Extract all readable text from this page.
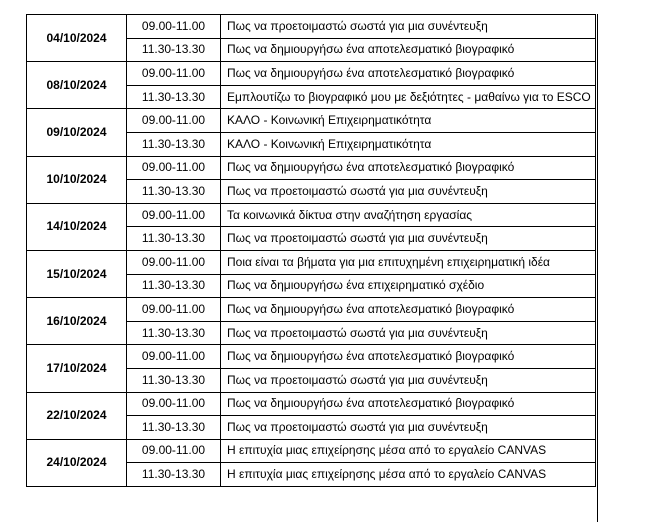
04/10/2024	09.00-11.00	Πως να προετοιμαστώ σωστά για μια συνέντευξη
	11.30-13.30	Πως να δημιουργήσω ένα αποτελεσματικό βιογραφικό
08/10/2024	09.00-11.00	Πως να δημιουργήσω ένα αποτελεσματικό βιογραφικό
	11.30-13.30	Εμπλουτίζω το βιογραφικό μου με δεξιότητες - μαθαίνω για το ESCO
09/10/2024	09.00-11.00	ΚΑΛΟ - Κοινωνική Επιχειρηματικότητα
	11.30-13.30	ΚΑΛΟ - Κοινωνική Επιχειρηματικότητα
10/10/2024	09.00-11.00	Πως να δημιουργήσω ένα αποτελεσματικό βιογραφικό
	11.30-13.30	Πως να προετοιμαστώ σωστά για μια συνέντευξη
14/10/2024	09.00-11.00	Τα κοινωνικά δίκτυα στην αναζήτηση εργασίας
	11.30-13.30	Πως να προετοιμαστώ σωστά για μια συνέντευξη
15/10/2024	09.00-11.00	Ποια είναι τα βήματα για μια επιτυχημένη επιχειρηματική ιδέα
	11.30-13.30	Πως να δημιουργήσω ένα επιχειρηματικό σχέδιο
16/10/2024	09.00-11.00	Πως να δημιουργήσω ένα αποτελεσματικό βιογραφικό
	11.30-13.30	Πως να προετοιμαστώ σωστά για μια συνέντευξη
17/10/2024	09.00-11.00	Πως να δημιουργήσω ένα αποτελεσματικό βιογραφικό
	11.30-13.30	Πως να προετοιμαστώ σωστά για μια συνέντευξη
22/10/2024	09.00-11.00	Πως να δημιουργήσω ένα αποτελεσματικό βιογραφικό
	11.30-13.30	Πως να προετοιμαστώ σωστά για μια συνέντευξη
24/10/2024	09.00-11.00	Η επιτυχία μιας επιχείρησης μέσα από το εργαλείο CANVAS
	11.30-13.30	Η επιτυχία μιας επιχείρησης μέσα από το εργαλείο CANVAS
